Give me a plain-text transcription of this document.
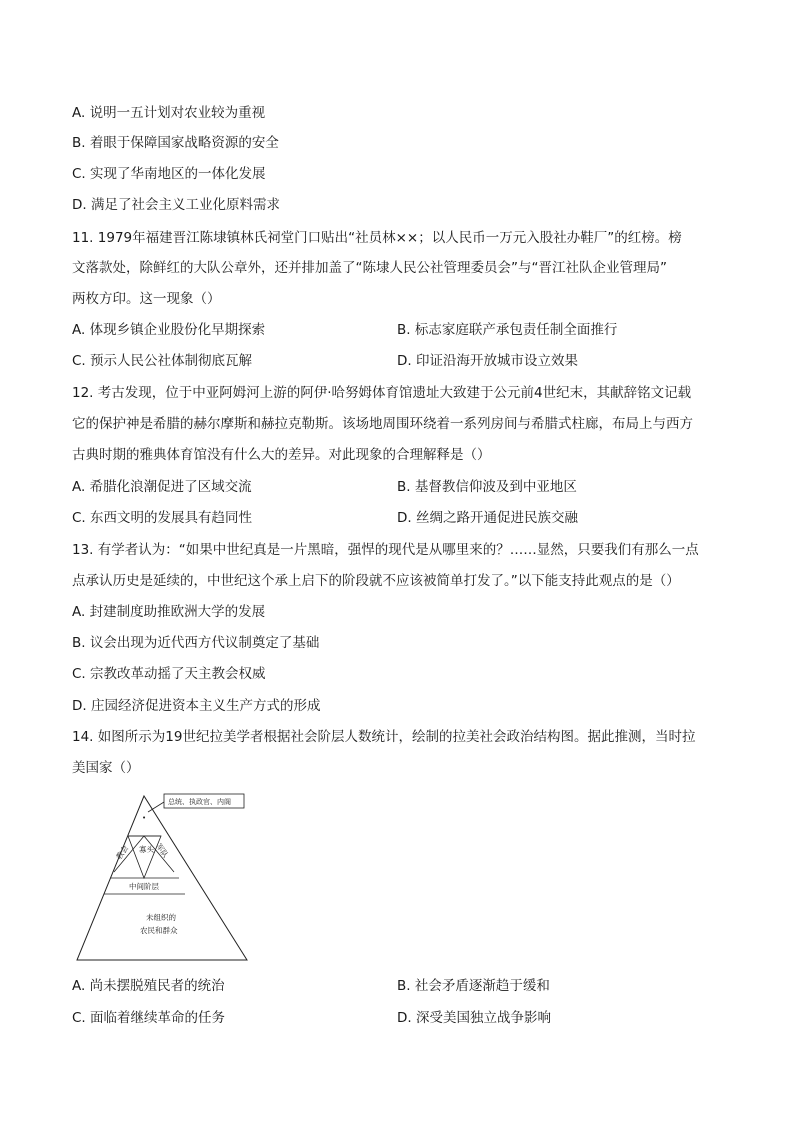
A. 说明一五计划对农业较为重视
B. 着眼于保障国家战略资源的安全
C. 实现了华南地区的一体化发展
D. 满足了社会主义工业化原料需求
11. 1979年福建晋江陈埭镇林氏祠堂门口贴出“社员林××；以人民币一万元入股社办鞋厂”的红榜。榜
文落款处，除鲜红的大队公章外，还并排加盖了“陈埭人民公社管理委员会”与“晋江社队企业管理局”
两枚方印。这一现象（）
A. 体现乡镇企业股份化早期探索	B. 标志家庭联产承包责任制全面推行
C. 预示人民公社体制彻底瓦解	D. 印证沿海开放城市设立效果
12. 考古发现，位于中亚阿姆河上游的阿伊·哈努姆体育馆遗址大致建于公元前4世纪末，其献辞铭文记载
它的保护神是希腊的赫尔摩斯和赫拉克勒斯。该场地周围环绕着一系列房间与希腊式柱廊，布局上与西方
古典时期的雅典体育馆没有什么大的差异。对此现象的合理解释是（）
A. 希腊化浪潮促进了区域交流	B. 基督教信仰波及到中亚地区
C. 东西文明的发展具有趋同性	D. 丝绸之路开通促进民族交融
13. 有学者认为：“如果中世纪真是一片黑暗，强悍的现代是从哪里来的？……显然，只要我们有那么一点
点承认历史是延续的，中世纪这个承上启下的阶段就不应该被简单打发了。”以下能支持此观点的是（）
A. 封建制度助推欧洲大学的发展
B. 议会出现为近代西方代议制奠定了基础
C. 宗教改革动摇了天主教会权威
D. 庄园经济促进资本主义生产方式的形成
14. 如图所示为19世纪拉美学者根据社会阶层人数统计，绘制的拉美社会政治结构图。据此推测，当时拉
美国家（）
•
总统、执政官、内阁
教会 寡头 军队
中间阶层
未组织的
农民和群众
A. 尚未摆脱殖民者的统治	B. 社会矛盾逐渐趋于缓和
C. 面临着继续革命的任务	D. 深受美国独立战争影响
